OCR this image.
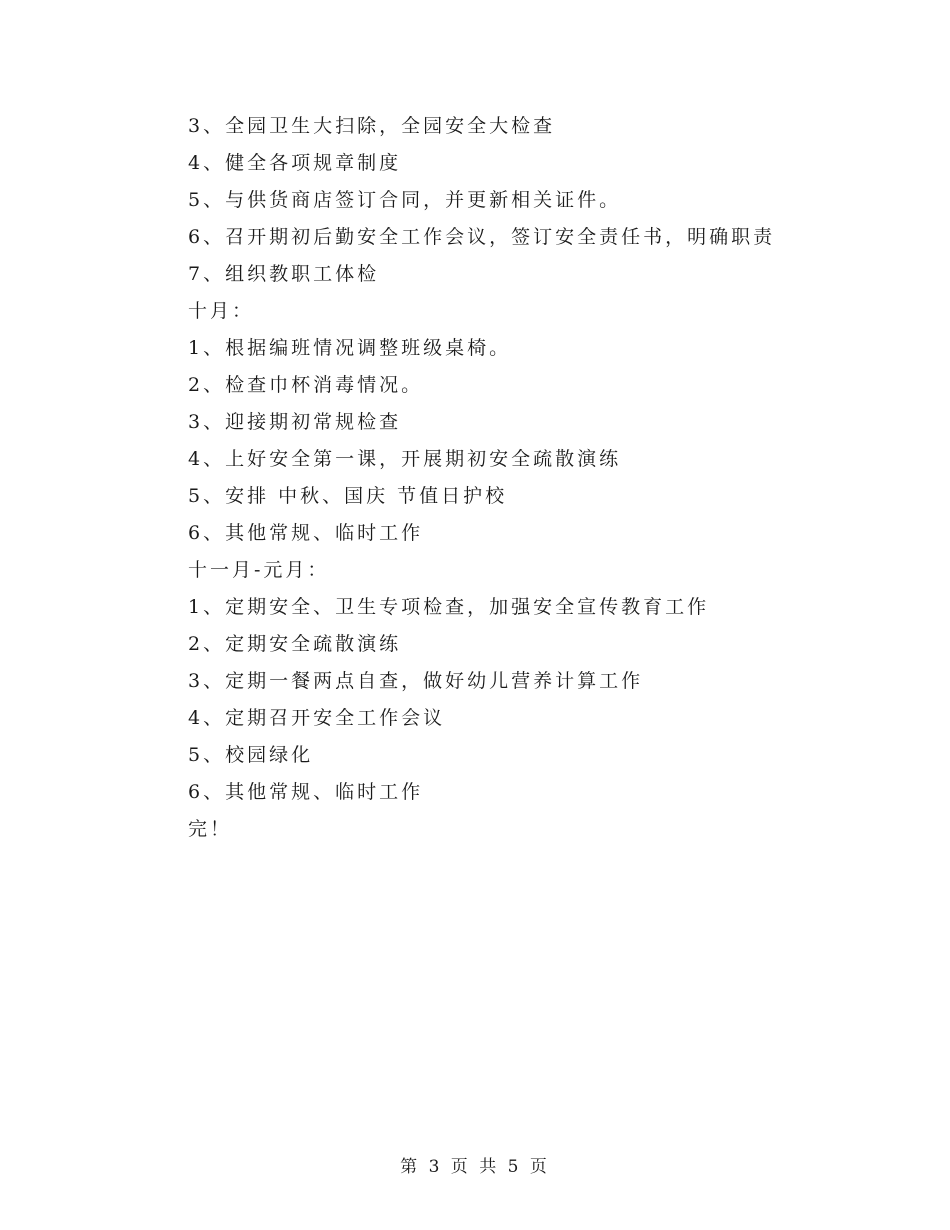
3、全园卫生大扫除，全园安全大检查
4、健全各项规章制度
5、与供货商店签订合同，并更新相关证件。
6、召开期初后勤安全工作会议，签订安全责任书，明确职责
7、组织教职工体检
十月：
1、根据编班情况调整班级桌椅。
2、检查巾杯消毒情况。
3、迎接期初常规检查
4、上好安全第一课，开展期初安全疏散演练
5、安排 中秋、国庆 节值日护校
6、其他常规、临时工作
十一月-元月：
1、定期安全、卫生专项检查，加强安全宣传教育工作
2、定期安全疏散演练
3、定期一餐两点自查，做好幼儿营养计算工作
4、定期召开安全工作会议
5、校园绿化
6、其他常规、临时工作
完！
第 3 页 共 5 页
